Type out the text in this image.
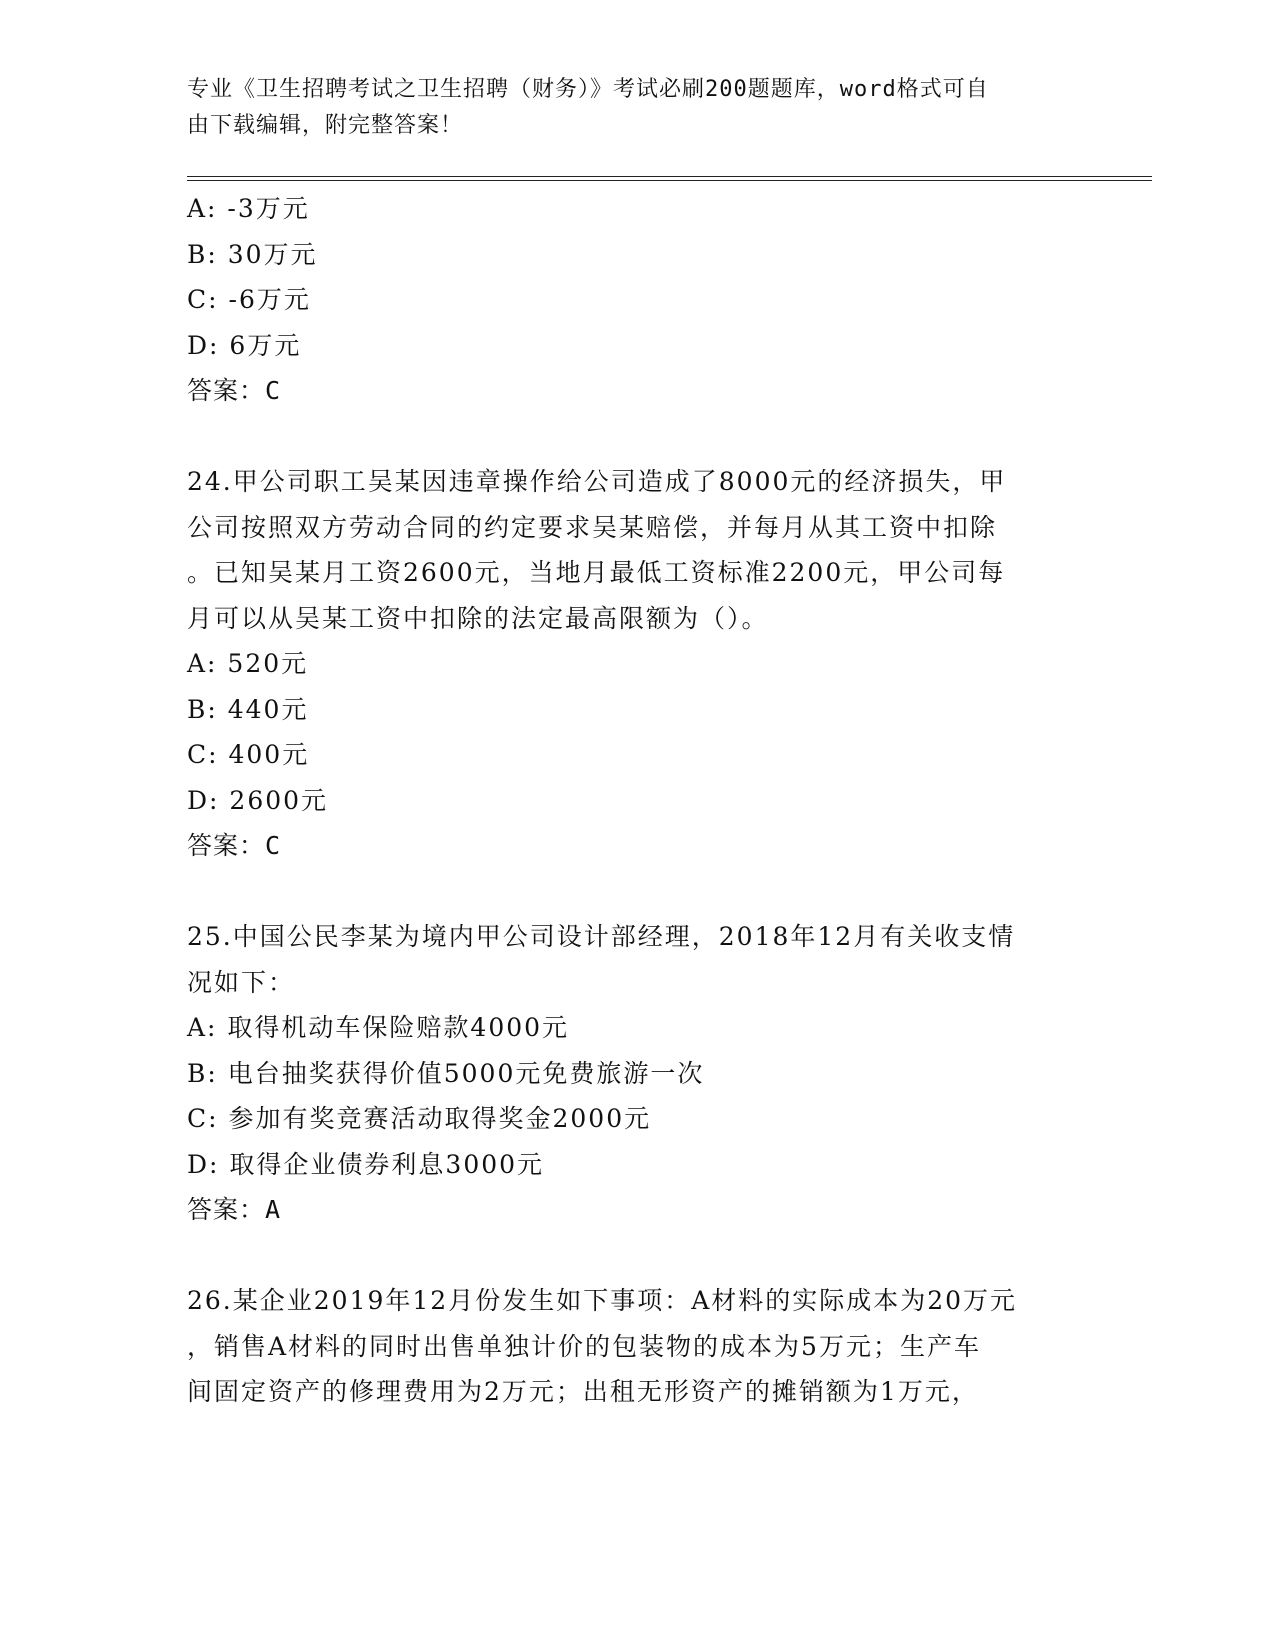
专业《卫生招聘考试之卫生招聘（财务）》考试必刷200题题库，word格式可自
由下载编辑，附完整答案！
A: -3万元
B: 30万元
C: -6万元
D: 6万元
答案：C
24.甲公司职工吴某因违章操作给公司造成了8000元的经济损失，甲
公司按照双方劳动合同的约定要求吴某赔偿，并每月从其工资中扣除
。已知吴某月工资2600元，当地月最低工资标准2200元，甲公司每
月可以从吴某工资中扣除的法定最高限额为（）。
A: 520元
B: 440元
C: 400元
D: 2600元
答案：C
25.中国公民李某为境内甲公司设计部经理，2018年12月有关收支情
况如下：
A: 取得机动车保险赔款4000元
B: 电台抽奖获得价值5000元免费旅游一次
C: 参加有奖竞赛活动取得奖金2000元
D: 取得企业债券利息3000元
答案：A
26.某企业2019年12月份发生如下事项：A材料的实际成本为20万元
，销售A材料的同时出售单独计价的包装物的成本为5万元；生产车
间固定资产的修理费用为2万元；出租无形资产的摊销额为1万元，
